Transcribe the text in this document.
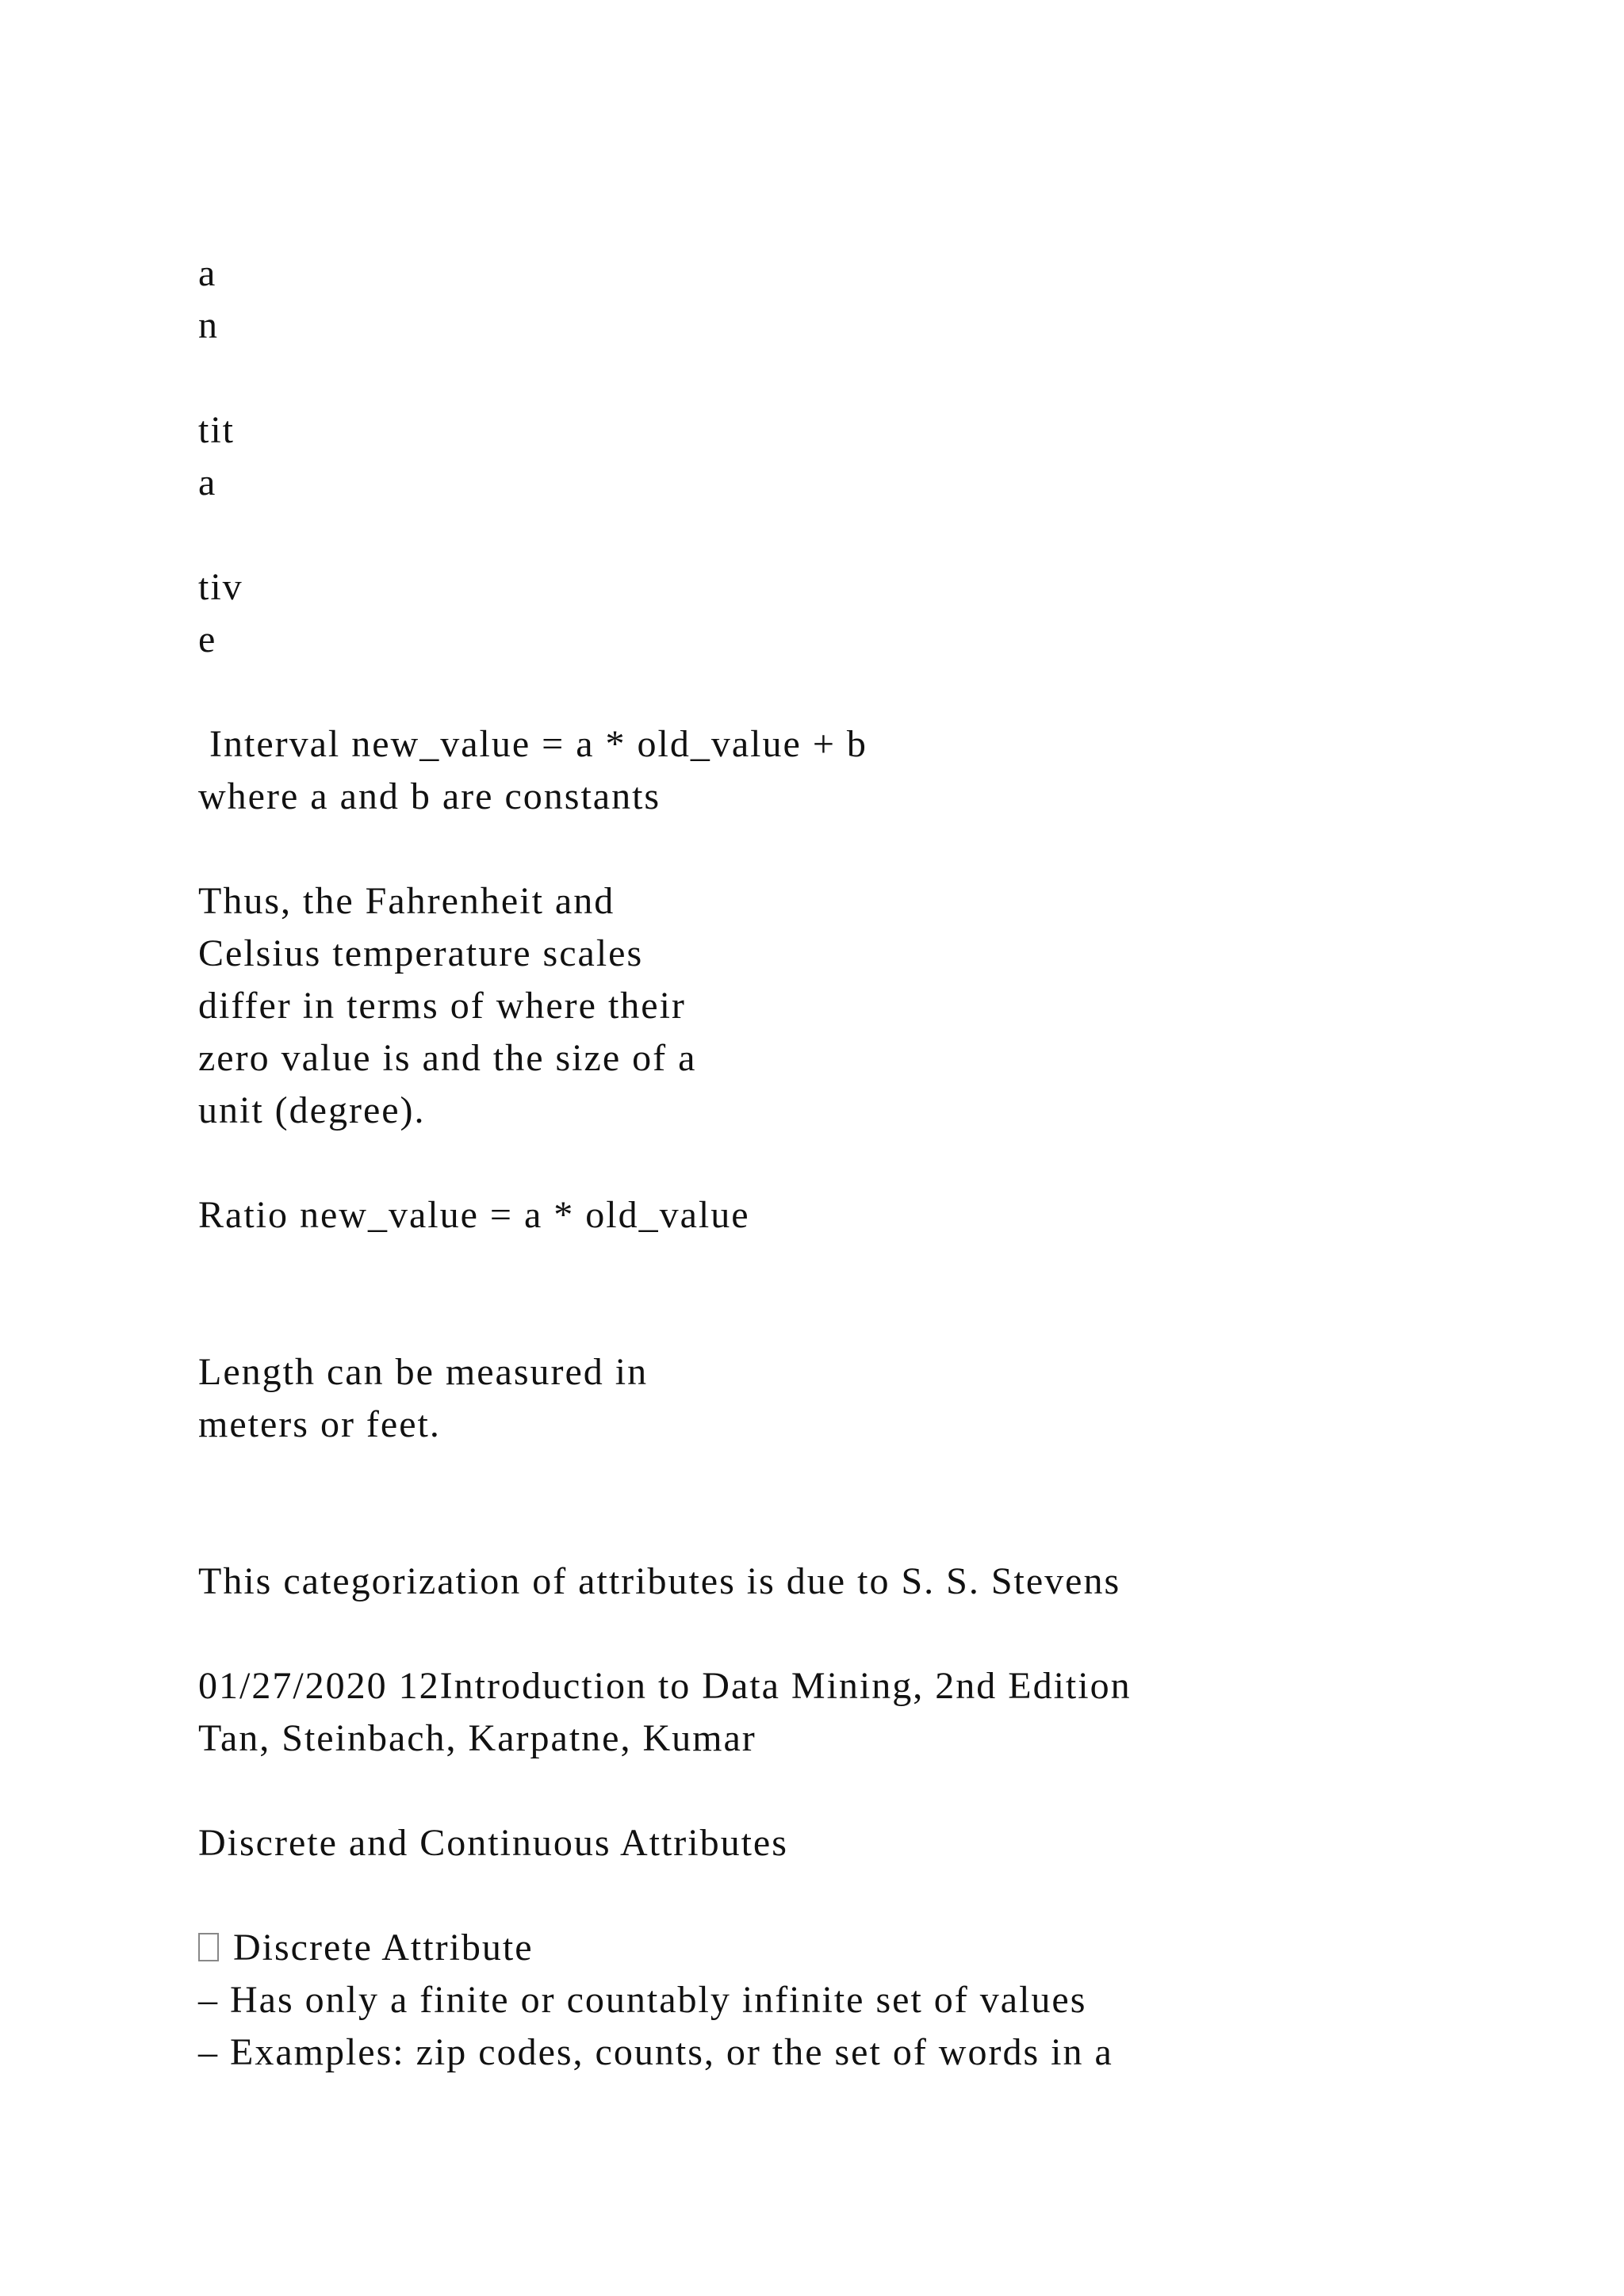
a
n
tit
a
tiv
e
Interval new_value = a * old_value + b
where a and b are constants
Thus, the Fahrenheit and
Celsius temperature scales
differ in terms of where their
zero value is and the size of a
unit (degree).
Ratio new_value = a * old_value
Length can be measured in
meters or feet.
This categorization of attributes is due to S. S. Stevens
01/27/2020 12Introduction to Data Mining, 2nd Edition
Tan, Steinbach, Karpatne, Kumar
Discrete and Continuous Attributes
Discrete Attribute
– Has only a finite or countably infinite set of values
– Examples: zip codes, counts, or the set of words in a
